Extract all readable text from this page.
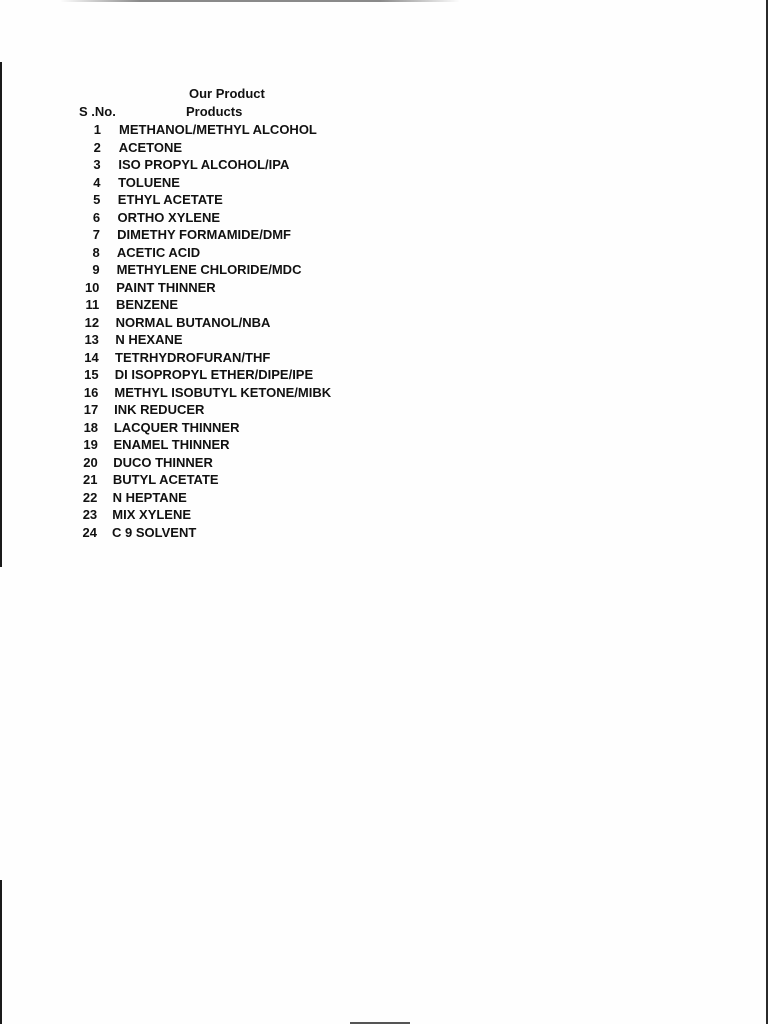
Our Product
S .No.	Products
1 METHANOL/METHYL ALCOHOL
2 ACETONE
3 ISO PROPYL ALCOHOL/IPA
4 TOLUENE
5 ETHYL ACETATE
6 ORTHO XYLENE
7 DIMETHY FORMAMIDE/DMF
8 ACETIC ACID
9 METHYLENE CHLORIDE/MDC
10 PAINT THINNER
11 BENZENE
12 NORMAL BUTANOL/NBA
13 N HEXANE
14 TETRHYDROFURAN/THF
15 DI ISOPROPYL ETHER/DIPE/IPE
16 METHYL ISOBUTYL KETONE/MIBK
17 INK REDUCER
18 LACQUER THINNER
19 ENAMEL THINNER
20 DUCO THINNER
21 BUTYL ACETATE
22 N HEPTANE
23 MIX XYLENE
24 C 9 SOLVENT
